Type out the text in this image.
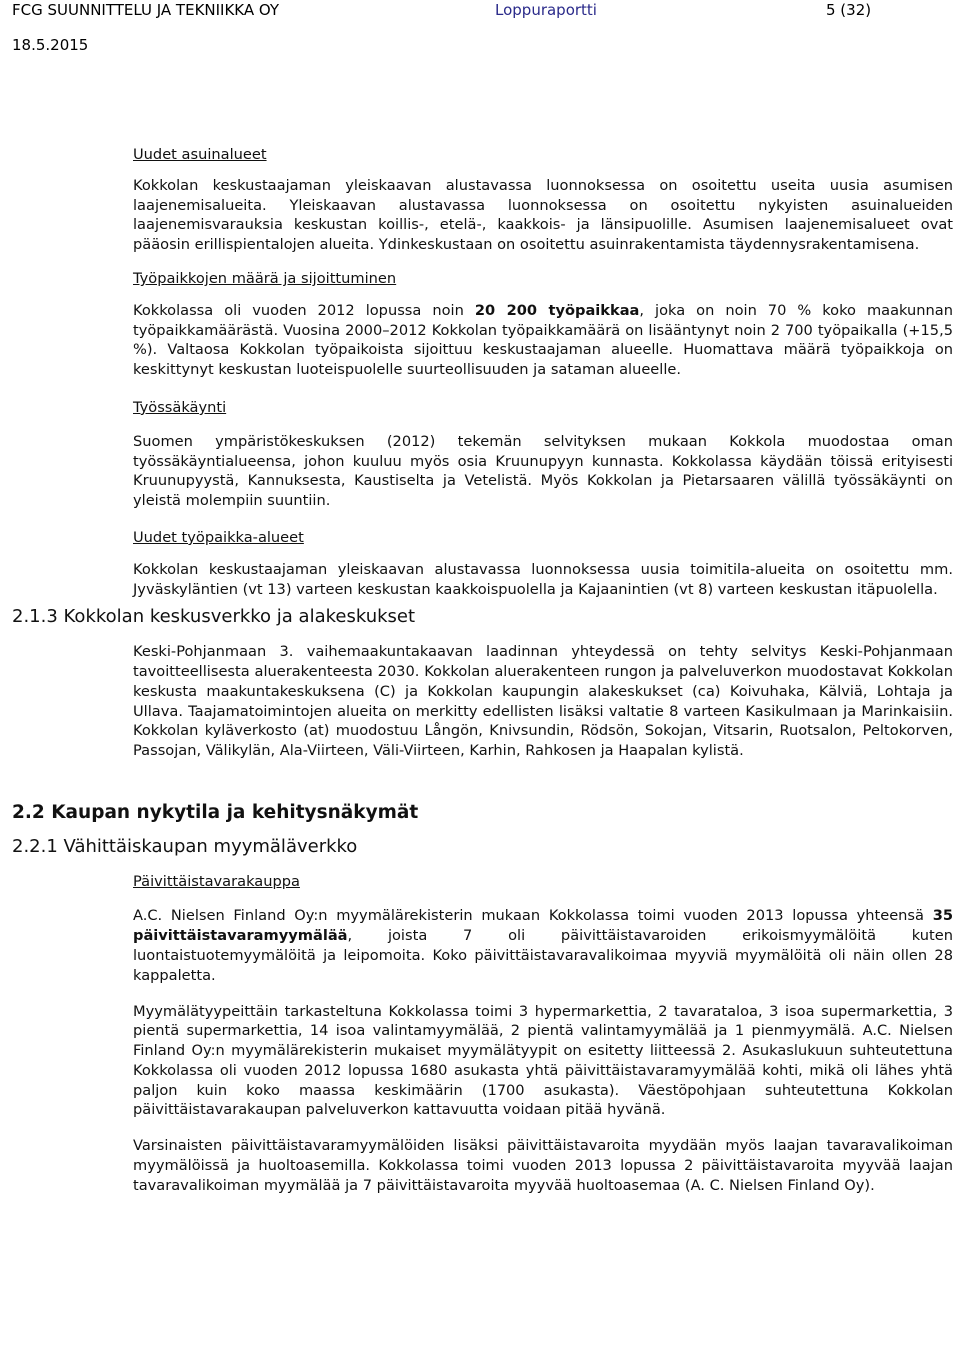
FCG SUUNNITTELU JA TEKNIIKKA OY	Loppuraportti	5 (32)
18.5.2015

Uudet asuinalueet

Kokkolan keskustaajaman yleiskaavan alustavassa luonnoksessa on osoitettu useita uusia asumisen laajenemisalueita. Yleiskaavan alustavassa luonnoksessa on osoitettu nykyisten asuinalueiden laajenemisvarauksia keskustan koillis-, etelä-, kaakkois- ja länsipuolille. Asumisen laajenemisalueet ovat pääosin erillispientalojen alueita. Ydinkeskustaan on osoitettu asuinrakentamista täydennysrakentamisena.

Työpaikkojen määrä ja sijoittuminen

Kokkolassa oli vuoden 2012 lopussa noin 20 200 työpaikkaa, joka on noin 70 % koko maakunnan työpaikkamäärästä. Vuosina 2000–2012 Kokkolan työpaikkamäärä on lisääntynyt noin 2 700 työpaikalla (+15,5 %). Valtaosa Kokkolan työpaikoista sijoittuu keskustaajaman alueelle. Huomattava määrä työpaikkoja on keskittynyt keskustan luoteispuolelle suurteollisuuden ja sataman alueelle.

Työssäkäynti

Suomen ympäristökeskuksen (2012) tekemän selvityksen mukaan Kokkola muodostaa oman työssäkäyntialueensa, johon kuuluu myös osia Kruunupyyn kunnasta. Kokkolassa käydään töissä erityisesti Kruunupyystä, Kannuksesta, Kaustiselta ja Vetelistä. Myös Kokkolan ja Pietarsaaren välillä työssäkäynti on yleistä molempiin suuntiin.

Uudet työpaikka-alueet

Kokkolan keskustaajaman yleiskaavan alustavassa luonnoksessa uusia toimitila-alueita on osoitettu mm. Jyväskyläntien (vt 13) varteen keskustan kaakkoispuolella ja Kajaanintien (vt 8) varteen keskustan itäpuolella.

2.1.3 Kokkolan keskusverkko ja alakeskukset

Keski-Pohjanmaan 3. vaihemaakuntakaavan laadinnan yhteydessä on tehty selvitys Keski-Pohjanmaan tavoitteellisesta aluerakenteesta 2030. Kokkolan aluerakenteen rungon ja palveluverkon muodostavat Kokkolan keskusta maakuntakeskuksena (C) ja Kokkolan kaupungin alakeskukset (ca) Koivuhaka, Kälviä, Lohtaja ja Ullava. Taajamatoimintojen alueita on merkitty edellisten lisäksi valtatie 8 varteen Kasikulmaan ja Marinkaisiin. Kokkolan kyläverkosto (at) muodostuu Långön, Knivsundin, Rödsön, Sokojan, Vitsarin, Ruotsalon, Peltokorven, Passojan, Välikylän, Ala-Viirteen, Väli-Viirteen, Karhin, Rahkosen ja Haapalan kylistä.

2.2 Kaupan nykytila ja kehitysnäkymät
2.2.1 Vähittäiskaupan myymäläverkko

Päivittäistavarakauppa

A.C. Nielsen Finland Oy:n myymälärekisterin mukaan Kokkolassa toimi vuoden 2013 lopussa yhteensä 35 päivittäistavaramyymälää, joista 7 oli päivittäistavaroiden erikoismyymälöitä kuten luontaistuotemyymälöitä ja leipomoita. Koko päivittäistavaravalikoimaa myyviä myymälöitä oli näin ollen 28 kappaletta.

Myymälätyypeittäin tarkasteltuna Kokkolassa toimi 3 hypermarkettia, 2 tavarataloa, 3 isoa supermarkettia, 3 pientä supermarkettia, 14 isoa valintamyymälää, 2 pientä valintamyymälää ja 1 pienmyymälä. A.C. Nielsen Finland Oy:n myymälärekisterin mukaiset myymälätyypit on esitetty liitteessä 2. Asukaslukuun suhteutettuna Kokkolassa oli vuoden 2012 lopussa 1680 asukasta yhtä päivittäistavaramyymälää kohti, mikä oli lähes yhtä paljon kuin koko maassa keskimäärin (1700 asukasta). Väestöpohjaan suhteutettuna Kokkolan päivittäistavarakaupan palveluverkon kattavuutta voidaan pitää hyvänä.

Varsinaisten päivittäistavaramyymälöiden lisäksi päivittäistavaroita myydään myös laajan tavaravalikoiman myymälöissä ja huoltoasemilla. Kokkolassa toimi vuoden 2013 lopussa 2 päivittäistavaroita myyvää laajan tavaravalikoiman myymälää ja 7 päivittäistavaroita myyvää huoltoasemaa (A. C. Nielsen Finland Oy).
